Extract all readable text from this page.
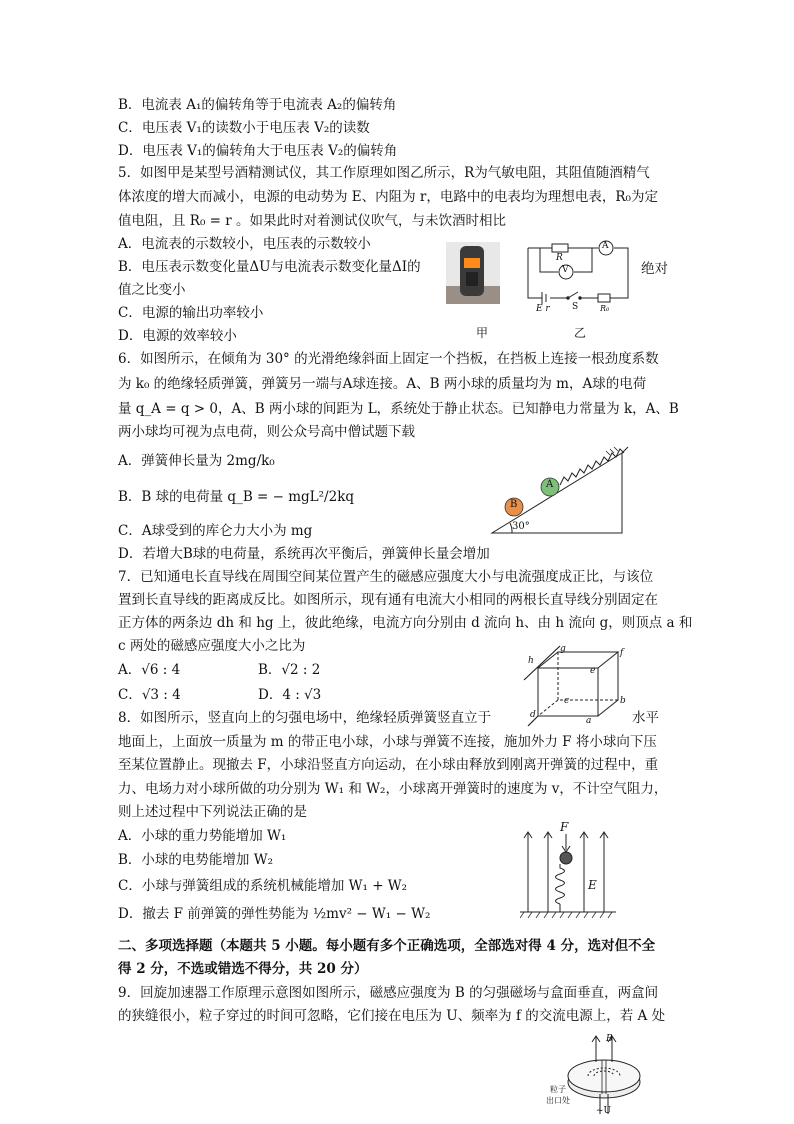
B．电流表 A₁的偏转角等于电流表 A₂的偏转角
C．电压表 V₁的读数小于电压表 V₂的读数
D．电压表 V₁的偏转角大于电压表 V₂的偏转角
5．如图甲是某型号酒精测试仪，其工作原理如图乙所示，R为气敏电阻，其阻值随酒精气
体浓度的增大而减小，电源的电动势为 E、内阻为 r，电路中的电表均为理想电表，R₀为定
值电阻，且 R₀ = r 。如果此时对着测试仪吹气，与未饮酒时相比
A．电流表的示数较小，电压表的示数较小
B．电压表示数变化量ΔU与电流表示数变化量ΔI的
值之比变小
C．电源的输出功率较小
D．电源的效率较小
绝对
甲
A
V
R
E r S	R₀
乙
6．如图所示，在倾角为 30° 的光滑绝缘斜面上固定一个挡板，在挡板上连接一根劲度系数
为 k₀ 的绝缘轻质弹簧，弹簧另一端与A球连接。A、B 两小球的质量均为 m，A球的电荷
量 q_A = q > 0，A、B 两小球的间距为 L，系统处于静止状态。已知静电力常量为 k，A、B
两小球均可视为点电荷，则公众号高中僧试题下载
A．弹簧伸长量为 2mg/k₀
B．B 球的电荷量 q_B = − mgL²/2kq
C．A球受到的库仑力大小为 mg
D．若增大B球的电荷量，系统再次平衡后，弹簧伸长量会增加
A
B
30°
7．已知通电长直导线在周围空间某位置产生的磁感应强度大小与电流强度成正比，与该位
置到长直导线的距离成反比。如图所示，现有通有电流大小相同的两根长直导线分别固定在
正方体的两条边 dh 和 hg 上，彼此绝缘，电流方向分别由 d 流向 h、由 h 流向 g，则顶点 a 和
c 两处的磁感应强度大小之比为
A．√6 : 4	B．√2 : 2
C．√3 : 4	D．4 : √3
h
g	f
e
c	b
d
a
8．如图所示，竖直向上的匀强电场中，绝缘轻质弹簧竖直立于	水平
地面上，上面放一质量为 m 的带正电小球，小球与弹簧不连接，施加外力 F 将小球向下压
至某位置静止。现撤去 F，小球沿竖直方向运动，在小球由释放到刚离开弹簧的过程中，重
力、电场力对小球所做的功分别为 W₁ 和 W₂，小球离开弹簧时的速度为 v，不计空气阻力，
则上述过程中下列说法正确的是
A．小球的重力势能增加 W₁
B．小球的电势能增加 W₂
C．小球与弹簧组成的系统机械能增加 W₁ + W₂
D．撤去 F 前弹簧的弹性势能为 ½mv² − W₁ − W₂
F
E
二、多项选择题（本题共 5 小题。每小题有多个正确选项，全部选对得 4 分，选对但不全
得 2 分，不选或错选不得分，共 20 分）
9．回旋加速器工作原理示意图如图所示，磁感应强度为 B 的匀强磁场与盒面垂直，两盒间
的狭缝很小，粒子穿过的时间可忽略，它们接在电压为 U、频率为 f 的交流电源上，若 A 处
B
粒子
出口处
~U
